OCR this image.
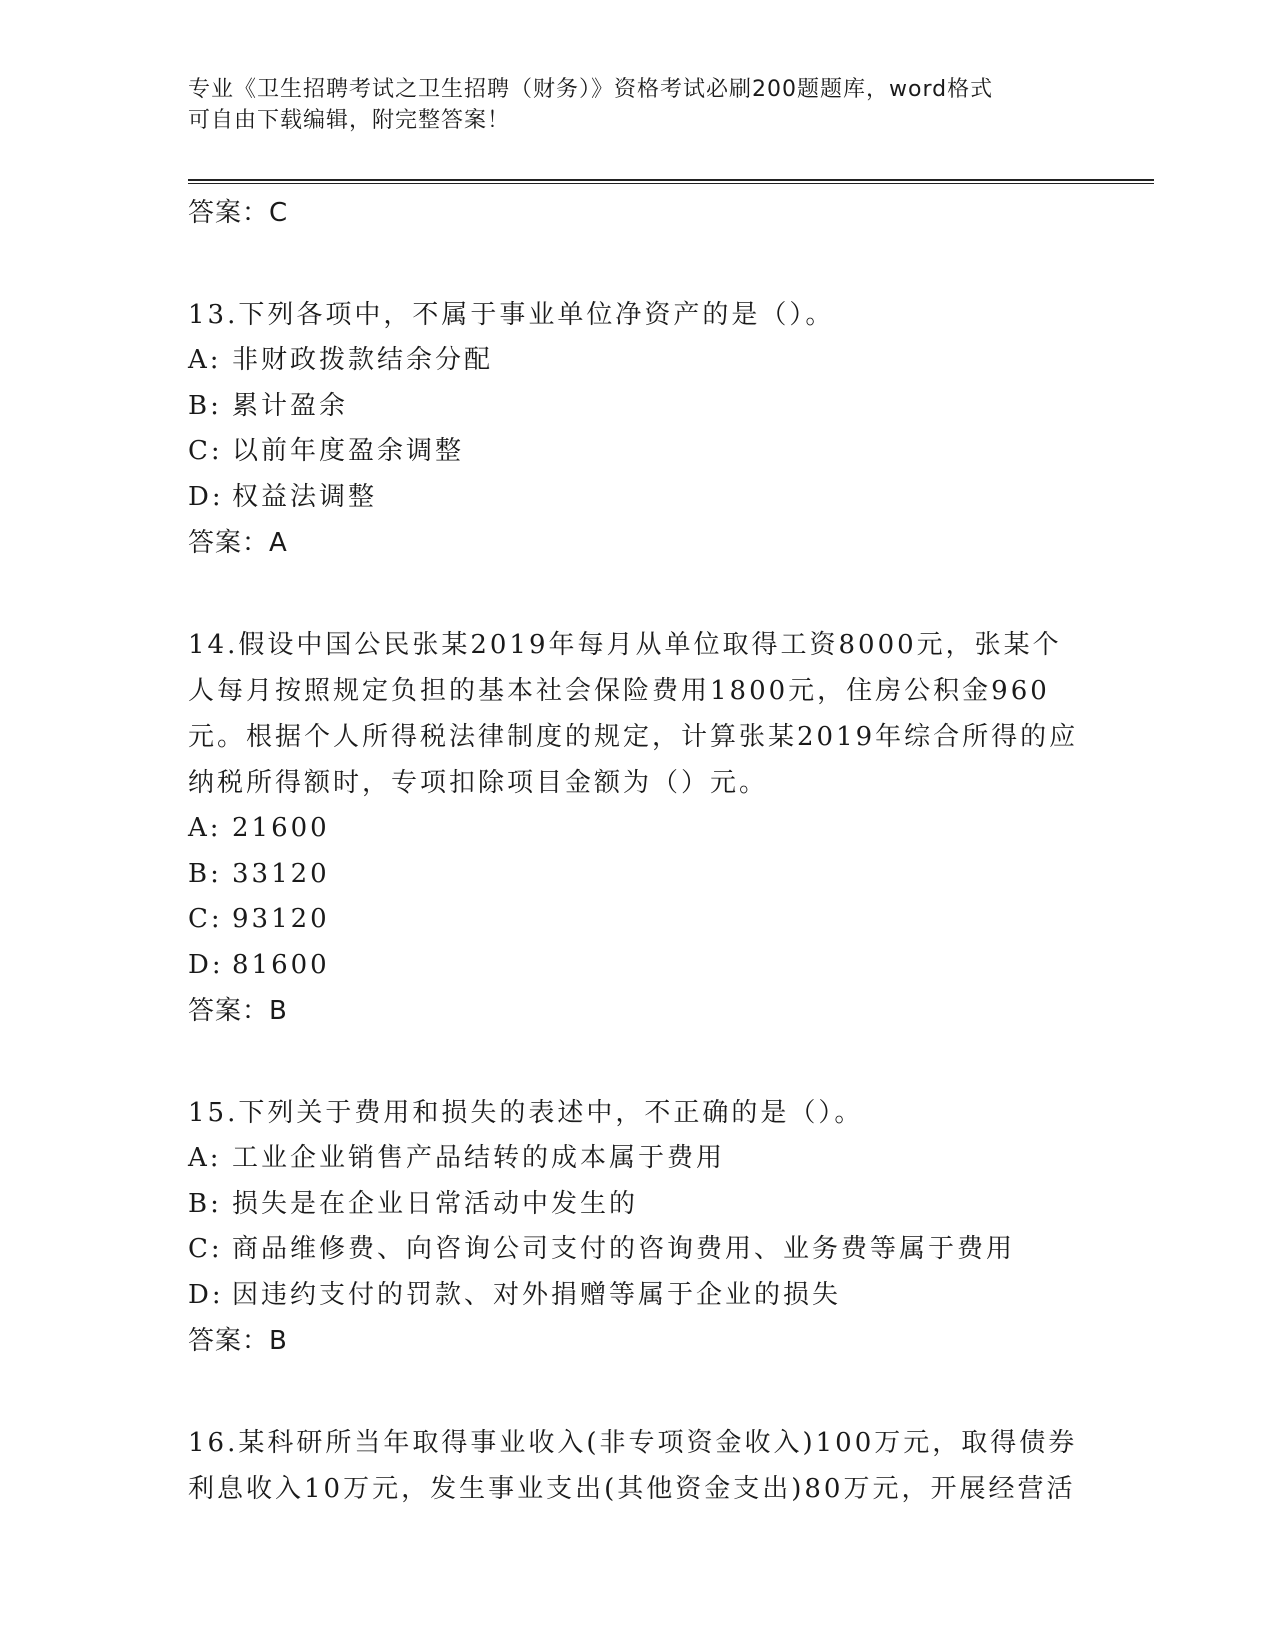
专业《卫生招聘考试之卫生招聘（财务）》资格考试必刷200题题库，word格式
可自由下载编辑，附完整答案！
答案：C
13.下列各项中，不属于事业单位净资产的是（）。
A: 非财政拨款结余分配
B: 累计盈余
C: 以前年度盈余调整
D: 权益法调整
答案：A
14.假设中国公民张某2019年每月从单位取得工资8000元，张某个人每月按照规定负担的基本社会保险费用1800元，住房公积金960元。根据个人所得税法律制度的规定，计算张某2019年综合所得的应纳税所得额时，专项扣除项目金额为（）元。
A: 21600
B: 33120
C: 93120
D: 81600
答案：B
15.下列关于费用和损失的表述中，不正确的是（）。
A: 工业企业销售产品结转的成本属于费用
B: 损失是在企业日常活动中发生的
C: 商品维修费、向咨询公司支付的咨询费用、业务费等属于费用
D: 因违约支付的罚款、对外捐赠等属于企业的损失
答案：B
16.某科研所当年取得事业收入(非专项资金收入)100万元，取得债券利息收入10万元，发生事业支出(其他资金支出)80万元，开展经营活
